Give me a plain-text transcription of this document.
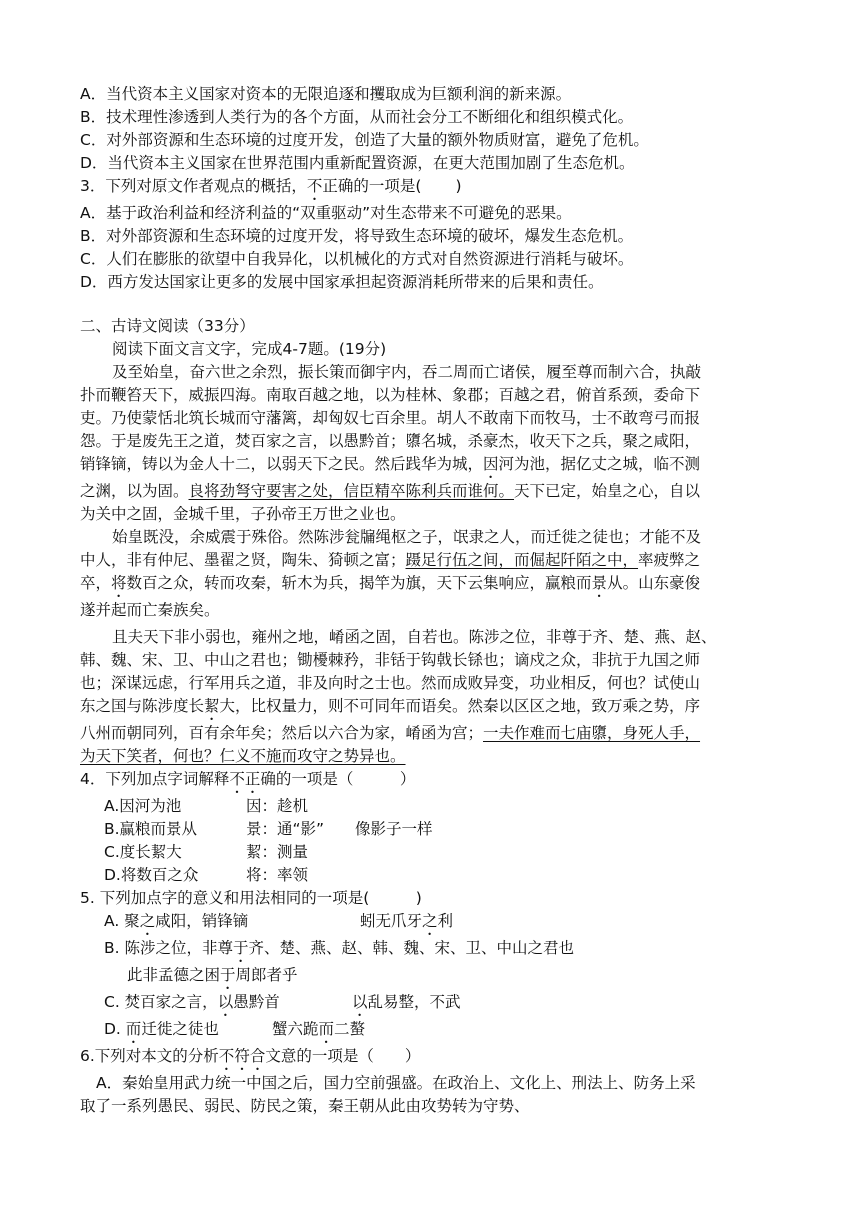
A．当代资本主义国家对资本的无限追逐和攫取成为巨额利润的新来源。
B．技术理性渗透到人类行为的各个方面，从而社会分工不断细化和组织模式化。
C．对外部资源和生态环境的过度开发，创造了大量的额外物质财富，避免了危机。
D．当代资本主义国家在世界范围内重新配置资源，在更大范围加剧了生态危机。
3．下列对原文作者观点的概括，不正确的一项是( )
A．基于政治利益和经济利益的“双重驱动”对生态带来不可避免的恶果。
B．对外部资源和生态环境的过度开发，将导致生态环境的破坏，爆发生态危机。
C．人们在膨胀的欲望中自我异化，以机械化的方式对自然资源进行消耗与破坏。
D．西方发达国家让更多的发展中国家承担起资源消耗所带来的后果和责任。
二、古诗文阅读（33分）
阅读下面文言文字，完成4-7题。(19分)
及至始皇，奋六世之余烈，振长策而御宇内，吞二周而亡诸侯，履至尊而制六合，执敲
扑而鞭笞天下，威振四海。南取百越之地，以为桂林、象郡；百越之君，俯首系颈，委命下
吏。乃使蒙恬北筑长城而守藩篱，却匈奴七百余里。胡人不敢南下而牧马，士不敢弯弓而报
怨。于是废先王之道，焚百家之言，以愚黔首；隳名城，杀豪杰，收天下之兵，聚之咸阳，
销锋镝，铸以为金人十二，以弱天下之民。然后践华为城，因河为池，据亿丈之城，临不测
之渊，以为固。良将劲弩守要害之处，信臣精卒陈利兵而谁何。天下已定，始皇之心，自以
为关中之固，金城千里，子孙帝王万世之业也。
始皇既没，余威震于殊俗。然陈涉瓮牖绳枢之子，氓隶之人，而迁徙之徒也；才能不及
中人，非有仲尼、墨翟之贤，陶朱、猗顿之富；蹑足行伍之间，而倔起阡陌之中，率疲弊之
卒，将数百之众，转而攻秦，斩木为兵，揭竿为旗，天下云集响应，赢粮而景从。山东豪俊
遂并起而亡秦族矣。
且夫天下非小弱也，雍州之地，崤函之固，自若也。陈涉之位，非尊于齐、楚、燕、赵、
韩、魏、宋、卫、中山之君也；锄櫌棘矜，非铦于钩戟长铩也；谪戍之众，非抗于九国之师
也；深谋远虑，行军用兵之道，非及向时之士也。然而成败异变，功业相反，何也？试使山
东之国与陈涉度长絜大，比权量力，则不可同年而语矣。然秦以区区之地，致万乘之势，序
八州而朝同列，百有余年矣；然后以六合为家，崤函为宫；一夫作难而七庙隳，身死人手，
为天下笑者，何也？仁义不施而攻守之势异也。
4．下列加点字词解释不正确的一项是（　　　）
A.因河为池	因：趁机
B.赢粮而景从	景：通“影”　　像影子一样
C.度长絜大	絜：测量
D.将数百之众	将：率领
5. 下列加点字的意义和用法相同的一项是(　　　)
A. 聚之咸阳，销锋镝	蚓无爪牙之利
B. 陈涉之位，非尊于齐、楚、燕、赵、韩、魏、宋、卫、中山之君也
此非孟德之困于周郎者乎
C. 焚百家之言，以愚黔首	以乱易整，不武
D. 而迁徙之徒也	蟹六跪而二螯
6.下列对本文的分析不符合文意的一项是（　　）
A．秦始皇用武力统一中国之后，国力空前强盛。在政治上、文化上、刑法上、防务上采
取了一系列愚民、弱民、防民之策，秦王朝从此由攻势转为守势、
